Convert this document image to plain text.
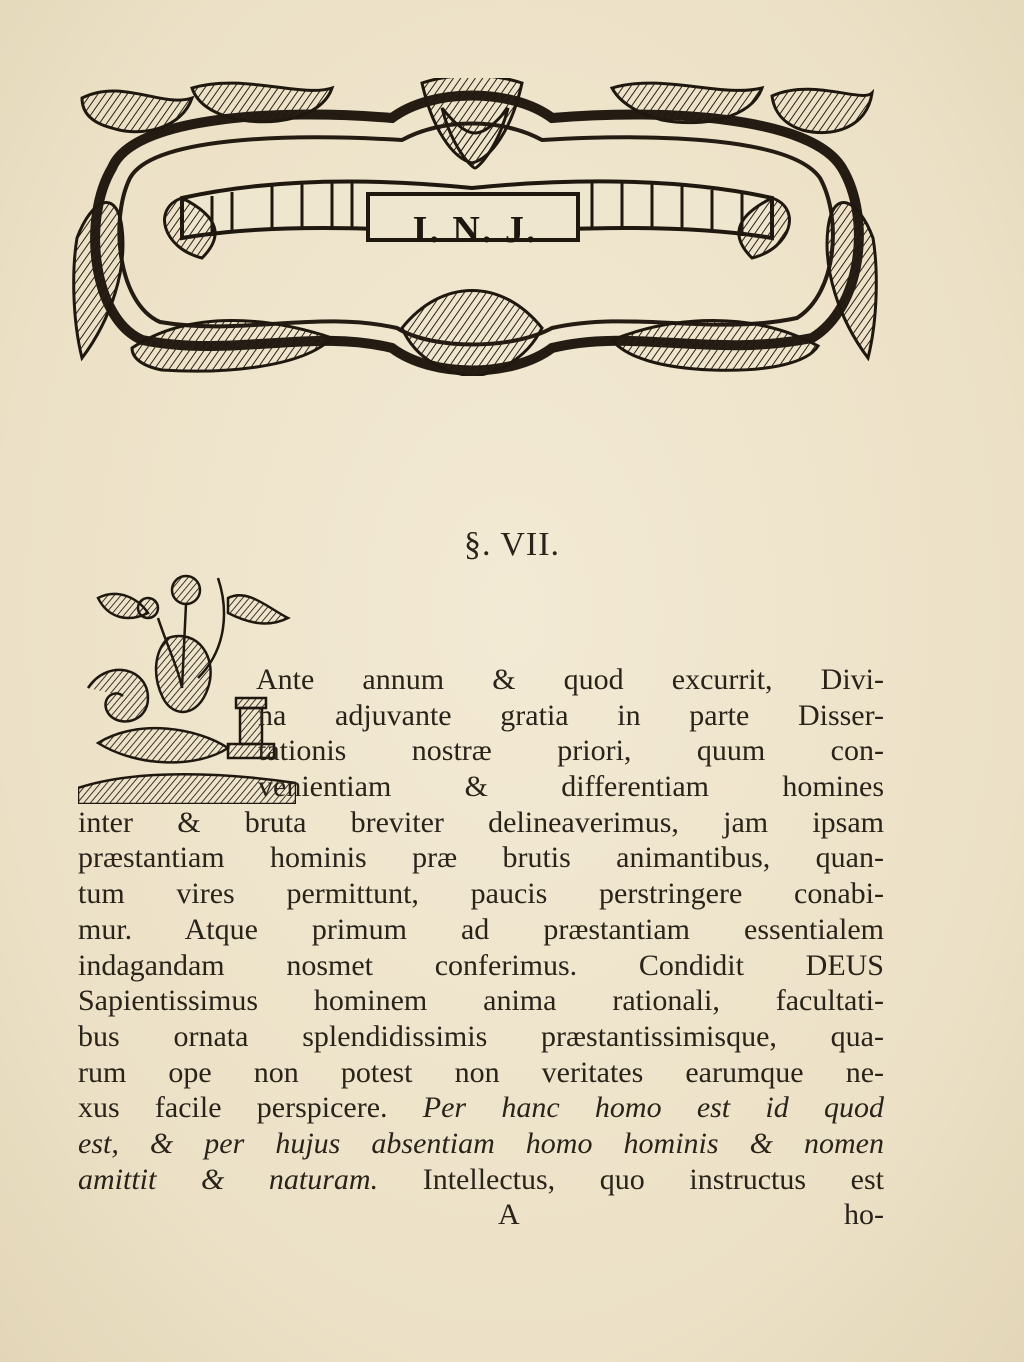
I. N. J.
§. VII.
Ante annum & quod excurrit, Divi-
na adjuvante gratia in parte Disser-
tationis nostræ priori, quum con-
venientiam & differentiam homines
inter & bruta breviter delineaverimus, jam ipsam
præstantiam hominis præ brutis animantibus, quan-
tum vires permittunt, paucis perstringere conabi-
mur. Atque primum ad præstantiam essentialem
indagandam nosmet conferimus. Condidit DEUS
Sapientissimus hominem anima rationali, facultati-
bus ornata splendidissimis præstantissimisque, qua-
rum ope non potest non veritates earumque ne-
xus facile perspicere. Per hanc homo est id quod
est, & per hujus absentiam homo hominis & nomen
amittit & naturam. Intellectus, quo instructus est
A	ho-
